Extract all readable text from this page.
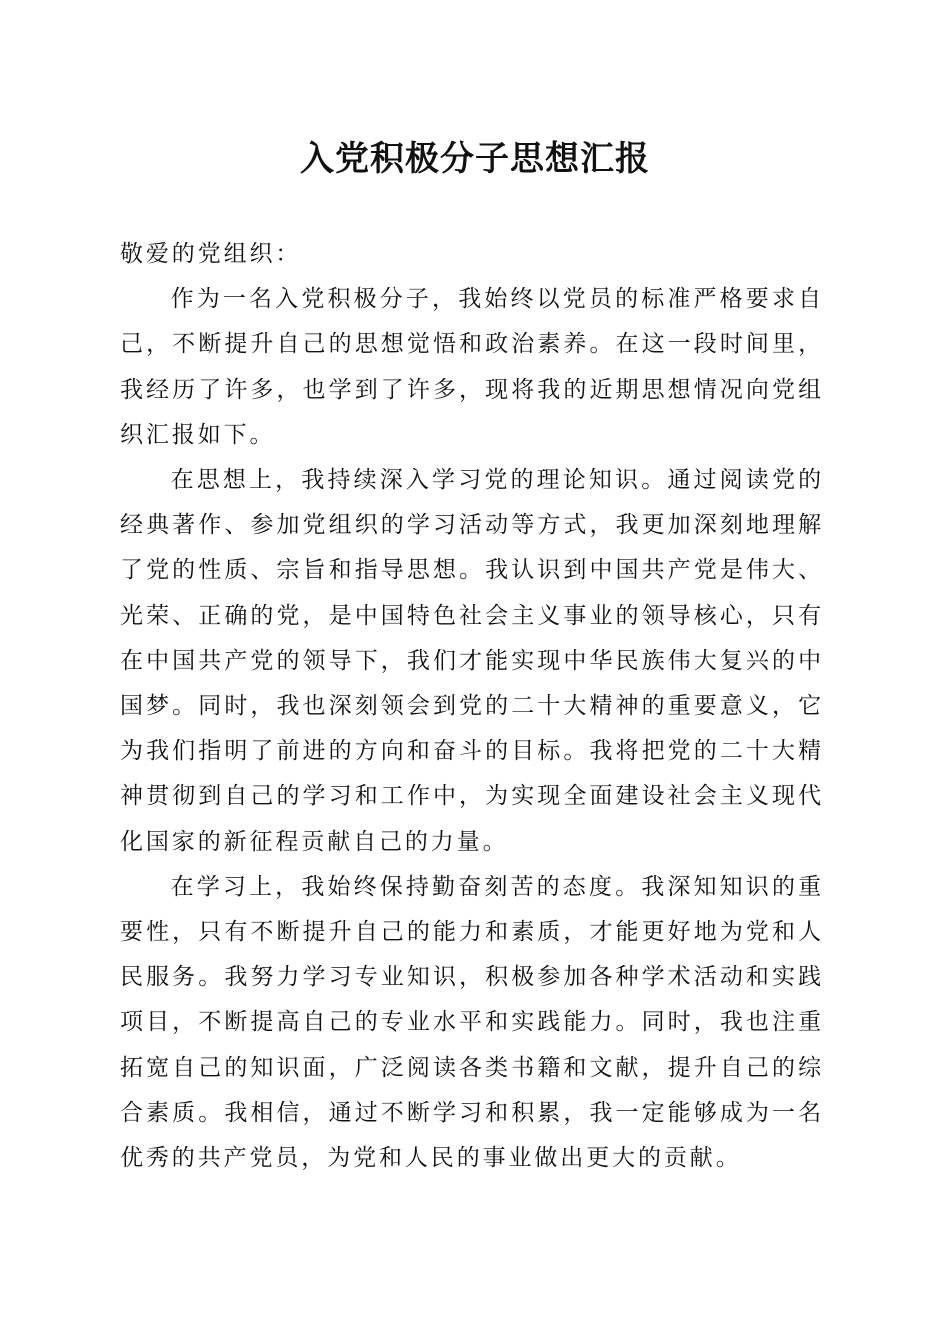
入党积极分子思想汇报

敬爱的党组织：

作为一名入党积极分子，我始终以党员的标准严格要求自己，不断提升自己的思想觉悟和政治素养。在这一段时间里，我经历了许多，也学到了许多，现将我的近期思想情况向党组织汇报如下。

在思想上，我持续深入学习党的理论知识。通过阅读党的经典著作、参加党组织的学习活动等方式，我更加深刻地理解了党的性质、宗旨和指导思想。我认识到中国共产党是伟大、光荣、正确的党，是中国特色社会主义事业的领导核心，只有在中国共产党的领导下，我们才能实现中华民族伟大复兴的中国梦。同时，我也深刻领会到党的二十大精神的重要意义，它为我们指明了前进的方向和奋斗的目标。我将把党的二十大精神贯彻到自己的学习和工作中，为实现全面建设社会主义现代化国家的新征程贡献自己的力量。

在学习上，我始终保持勤奋刻苦的态度。我深知知识的重要性，只有不断提升自己的能力和素质，才能更好地为党和人民服务。我努力学习专业知识，积极参加各种学术活动和实践项目，不断提高自己的专业水平和实践能力。同时，我也注重拓宽自己的知识面，广泛阅读各类书籍和文献，提升自己的综合素质。我相信，通过不断学习和积累，我一定能够成为一名优秀的共产党员，为党和人民的事业做出更大的贡献。
